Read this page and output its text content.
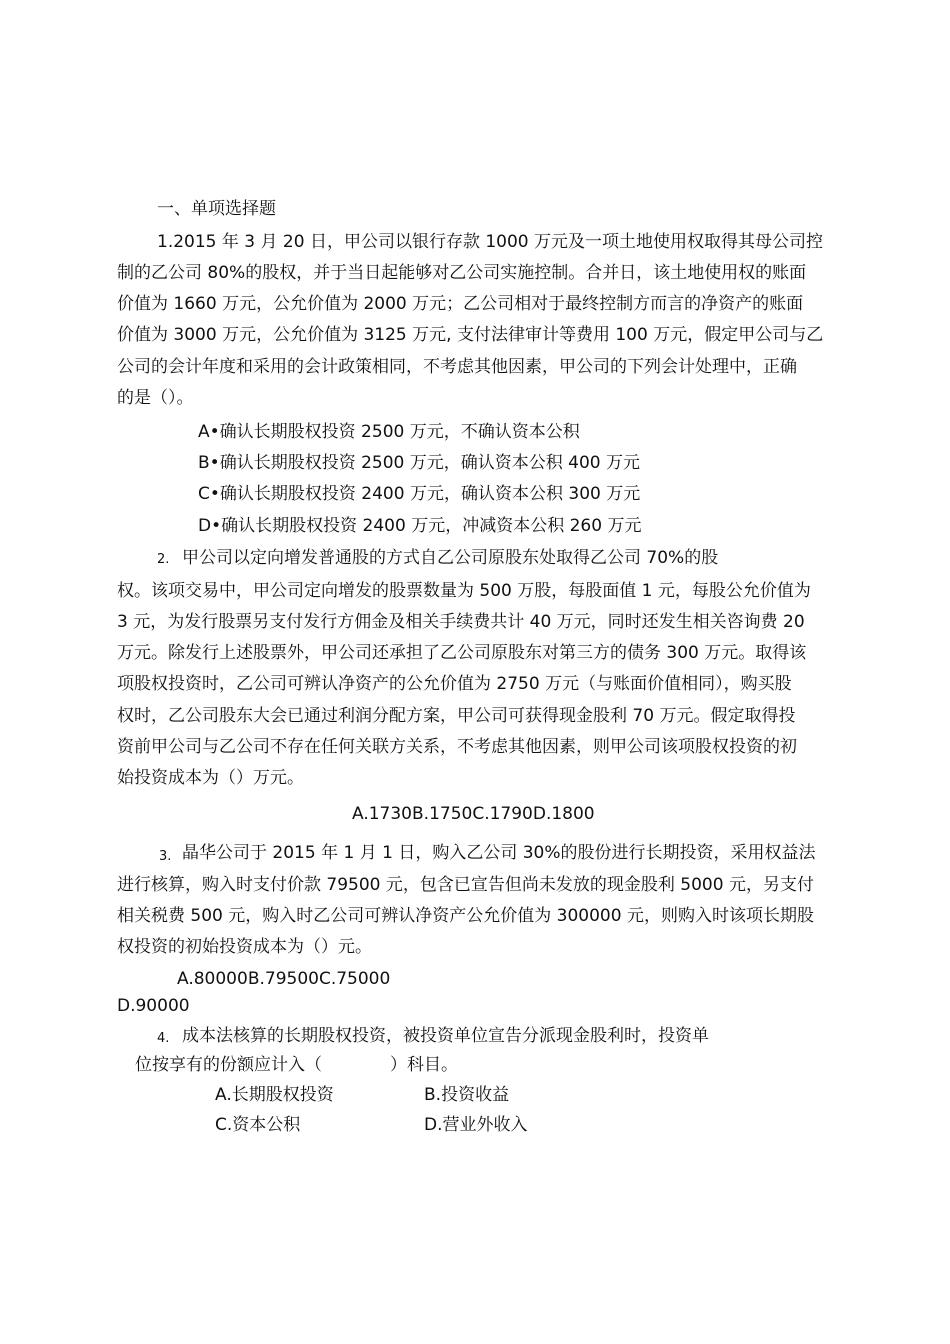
一、单项选择题
1.2015 年 3 月 20 日，甲公司以银行存款 1000 万元及一项土地使用权取得其母公司控
制的乙公司 80%的股权，并于当日起能够对乙公司实施控制。合并日，该土地使用权的账面
价值为 1660 万元，公允价值为 2000 万元；乙公司相对于最终控制方而言的净资产的账面
价值为 3000 万元，公允价值为 3125 万元, 支付法律审计等费用 100 万元，假定甲公司与乙
公司的会计年度和采用的会计政策相同，不考虑其他因素，甲公司的下列会计处理中，正确
的是（）。
A•确认长期股权投资 2500 万元，不确认资本公积
B•确认长期股权投资 2500 万元，确认资本公积 400 万元
C•确认长期股权投资 2400 万元，确认资本公积 300 万元
D•确认长期股权投资 2400 万元，冲减资本公积 260 万元
2. 甲公司以定向增发普通股的方式自乙公司原股东处取得乙公司 70%的股
权。该项交易中，甲公司定向增发的股票数量为 500 万股，每股面值 1 元，每股公允价值为
3 元，为发行股票另支付发行方佣金及相关手续费共计 40 万元，同时还发生相关咨询费 20
万元。除发行上述股票外，甲公司还承担了乙公司原股东对第三方的债务 300 万元。取得该
项股权投资时，乙公司可辨认净资产的公允价值为 2750 万元（与账面价值相同），购买股
权时，乙公司股东大会已通过利润分配方案，甲公司可获得现金股利 70 万元。假定取得投
资前甲公司与乙公司不存在任何关联方关系，不考虑其他因素，则甲公司该项股权投资的初
始投资成本为（）万元。
A.1730B.1750C.1790D.1800
3. 晶华公司于 2015 年 1 月 1 日，购入乙公司 30%的股份进行长期投资，采用权益法
进行核算，购入时支付价款 79500 元，包含已宣告但尚未发放的现金股利 5000 元，另支付
相关税费 500 元，购入时乙公司可辨认净资产公允价值为 300000 元，则购入时该项长期股
权投资的初始投资成本为（）元。
A.80000B.79500C.75000
D.90000
4. 成本法核算的长期股权投资，被投资单位宣告分派现金股利时，投资单
位按享有的份额应计入（　　　　）科目。
A.长期股权投资	B.投资收益
C.资本公积	D.营业外收入
